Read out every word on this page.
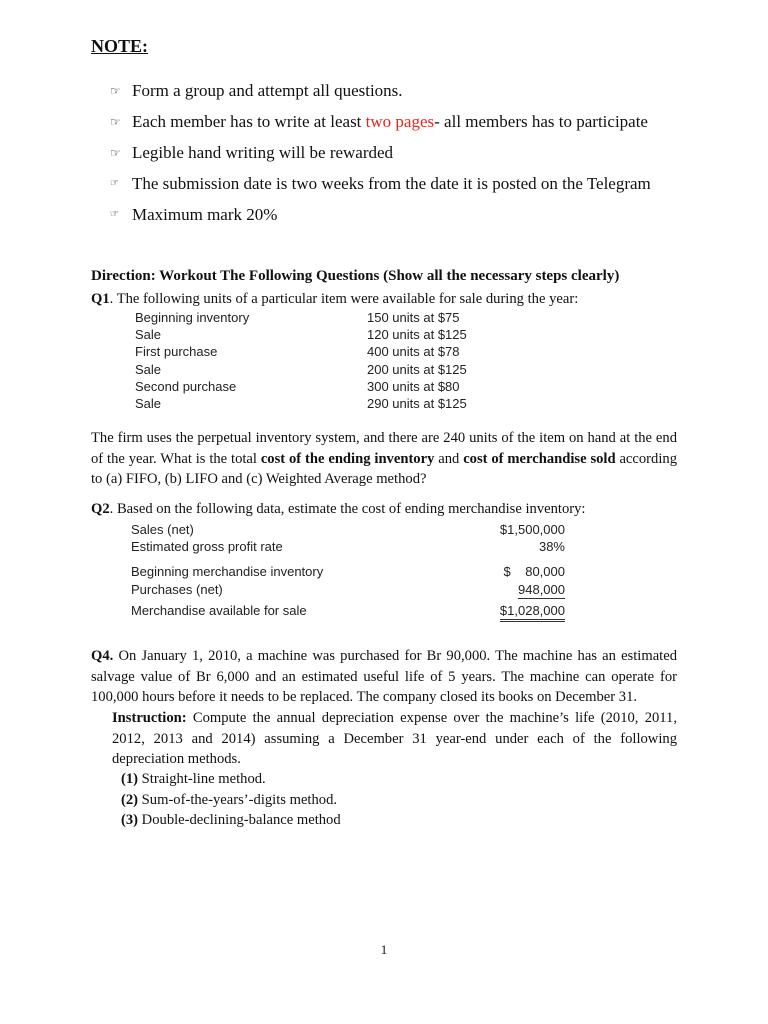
NOTE:
☞ Form a group and attempt all questions.
☞ Each member has to write at least two pages- all members has to participate
☞ Legible hand writing will be rewarded
☞ The submission date is two weeks from the date it is posted on the Telegram
☞ Maximum mark 20%

Direction: Workout The Following Questions (Show all the necessary steps clearly)

Q1. The following units of a particular item were available for sale during the year:

Beginning inventory	150 units at $75
Sale	120 units at $125
First purchase	400 units at $78
Sale	200 units at $125
Second purchase	300 units at $80
Sale	290 units at $125

The firm uses the perpetual inventory system, and there are 240 units of the item on hand at the end of the year. What is the total cost of the ending inventory and cost of merchandise sold according to (a) FIFO, (b) LIFO and (c) Weighted Average method?

Q2. Based on the following data, estimate the cost of ending merchandise inventory:

Sales (net)	$1,500,000
Estimated gross profit rate	38%
Beginning merchandise inventory	$    80,000
Purchases (net)	948,000
Merchandise available for sale	$1,028,000

Q4. On January 1, 2010, a machine was purchased for Br 90,000. The machine has an estimated salvage value of Br 6,000 and an estimated useful life of 5 years. The machine can operate for 100,000 hours before it needs to be replaced. The company closed its books on December 31.

Instruction: Compute the annual depreciation expense over the machine’s life (2010, 2011, 2012, 2013 and 2014) assuming a December 31 year-end under each of the following depreciation methods.

(1) Straight-line method.
(2) Sum-of-the-years’-digits method.
(3) Double-declining-balance method

1
